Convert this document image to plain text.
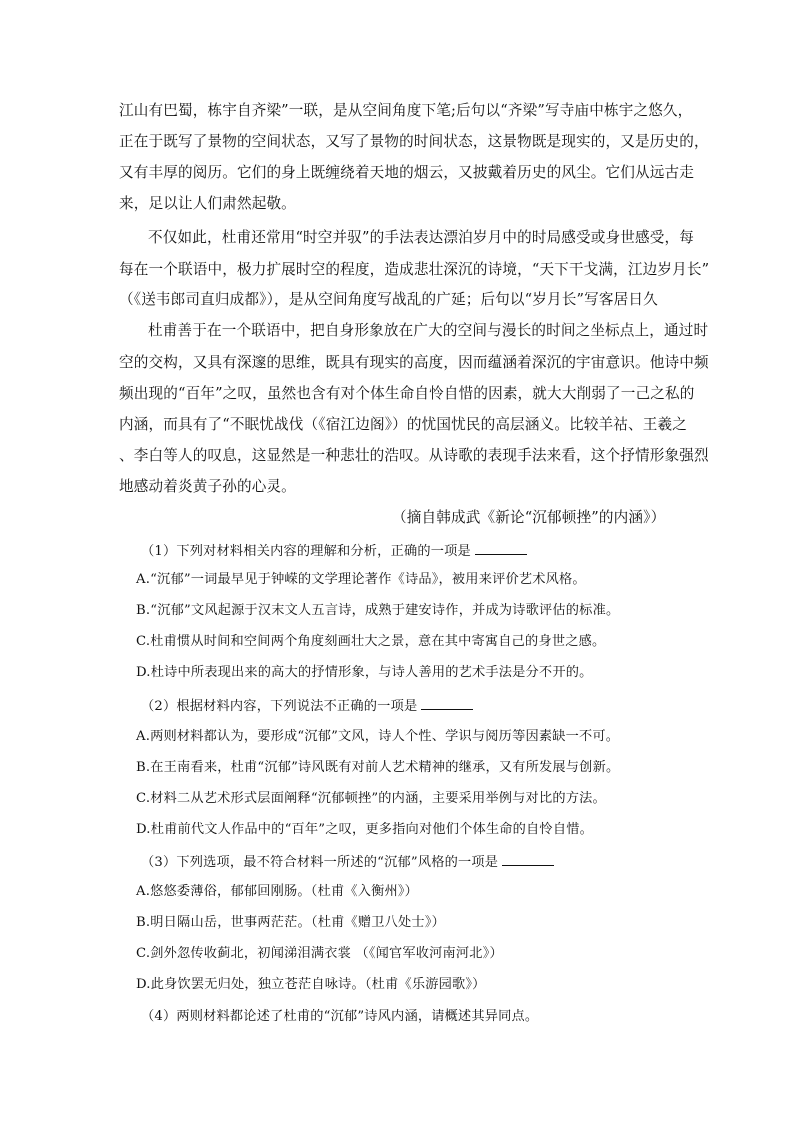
江山有巴蜀，栋宇自齐梁”一联，是从空间角度下笔;后句以“齐梁”写寺庙中栋宇之悠久，
正在于既写了景物的空间状态，又写了景物的时间状态，这景物既是现实的，又是历史的，
又有丰厚的阅历。它们的身上既缠绕着天地的烟云，又披戴着历史的风尘。它们从远古走
来，足以让人们肃然起敬。
不仅如此，杜甫还常用“时空并驭”的手法表达漂泊岁月中的时局感受或身世感受，每
每在一个联语中，极力扩展时空的程度，造成悲壮深沉的诗境，“天下干戈满，江边岁月长”
（《送韦郎司直归成都》），是从空间角度写战乱的广延；后句以“岁月长”写客居日久
杜甫善于在一个联语中，把自身形象放在广大的空间与漫长的时间之坐标点上，通过时
空的交构，又具有深邃的思维，既具有现实的高度，因而蕴涵着深沉的宇宙意识。他诗中频
频出现的“百年”之叹，虽然也含有对个体生命自怜自惜的因素，就大大削弱了一己之私的
内涵，而具有了“不眠忧战伐（《宿江边阁》）的忧国忧民的高层涵义。比较羊祜、王羲之
、李白等人的叹息，这显然是一种悲壮的浩叹。从诗歌的表现手法来看，这个抒情形象强烈
地感动着炎黄子孙的心灵。
（摘自韩成武《新论“沉郁顿挫”的内涵》）
（1）下列对材料相关内容的理解和分析，正确的一项是
A.“沉郁”一词最早见于钟嵘的文学理论著作《诗品》，被用来评价艺术风格。
B.“沉郁”文风起源于汉末文人五言诗，成熟于建安诗作，并成为诗歌评估的标准。
C.杜甫惯从时间和空间两个角度刻画壮大之景，意在其中寄寓自己的身世之感。
D.杜诗中所表现出来的高大的抒情形象，与诗人善用的艺术手法是分不开的。
（2）根据材料内容，下列说法不正确的一项是
A.两则材料都认为，要形成“沉郁”文风，诗人个性、学识与阅历等因素缺一不可。
B.在王南看来，杜甫“沉郁”诗风既有对前人艺术精神的继承，又有所发展与创新。
C.材料二从艺术形式层面阐释“沉郁顿挫”的内涵，主要采用举例与对比的方法。
D.杜甫前代文人作品中的“百年”之叹，更多指向对他们个体生命的自怜自惜。
（3）下列选项，最不符合材料一所述的“沉郁”风格的一项是
A.悠悠委薄俗，郁郁回刚肠。（杜甫《入衡州》）
B.明日隔山岳，世事两茫茫。（杜甫《赠卫八处士》）
C.剑外忽传收蓟北，初闻涕泪满衣裳 （《闻官军收河南河北》）
D.此身饮罢无归处，独立苍茫自咏诗。（杜甫《乐游园歌》）
（4）两则材料都论述了杜甫的“沉郁”诗风内涵，请概述其异同点。
